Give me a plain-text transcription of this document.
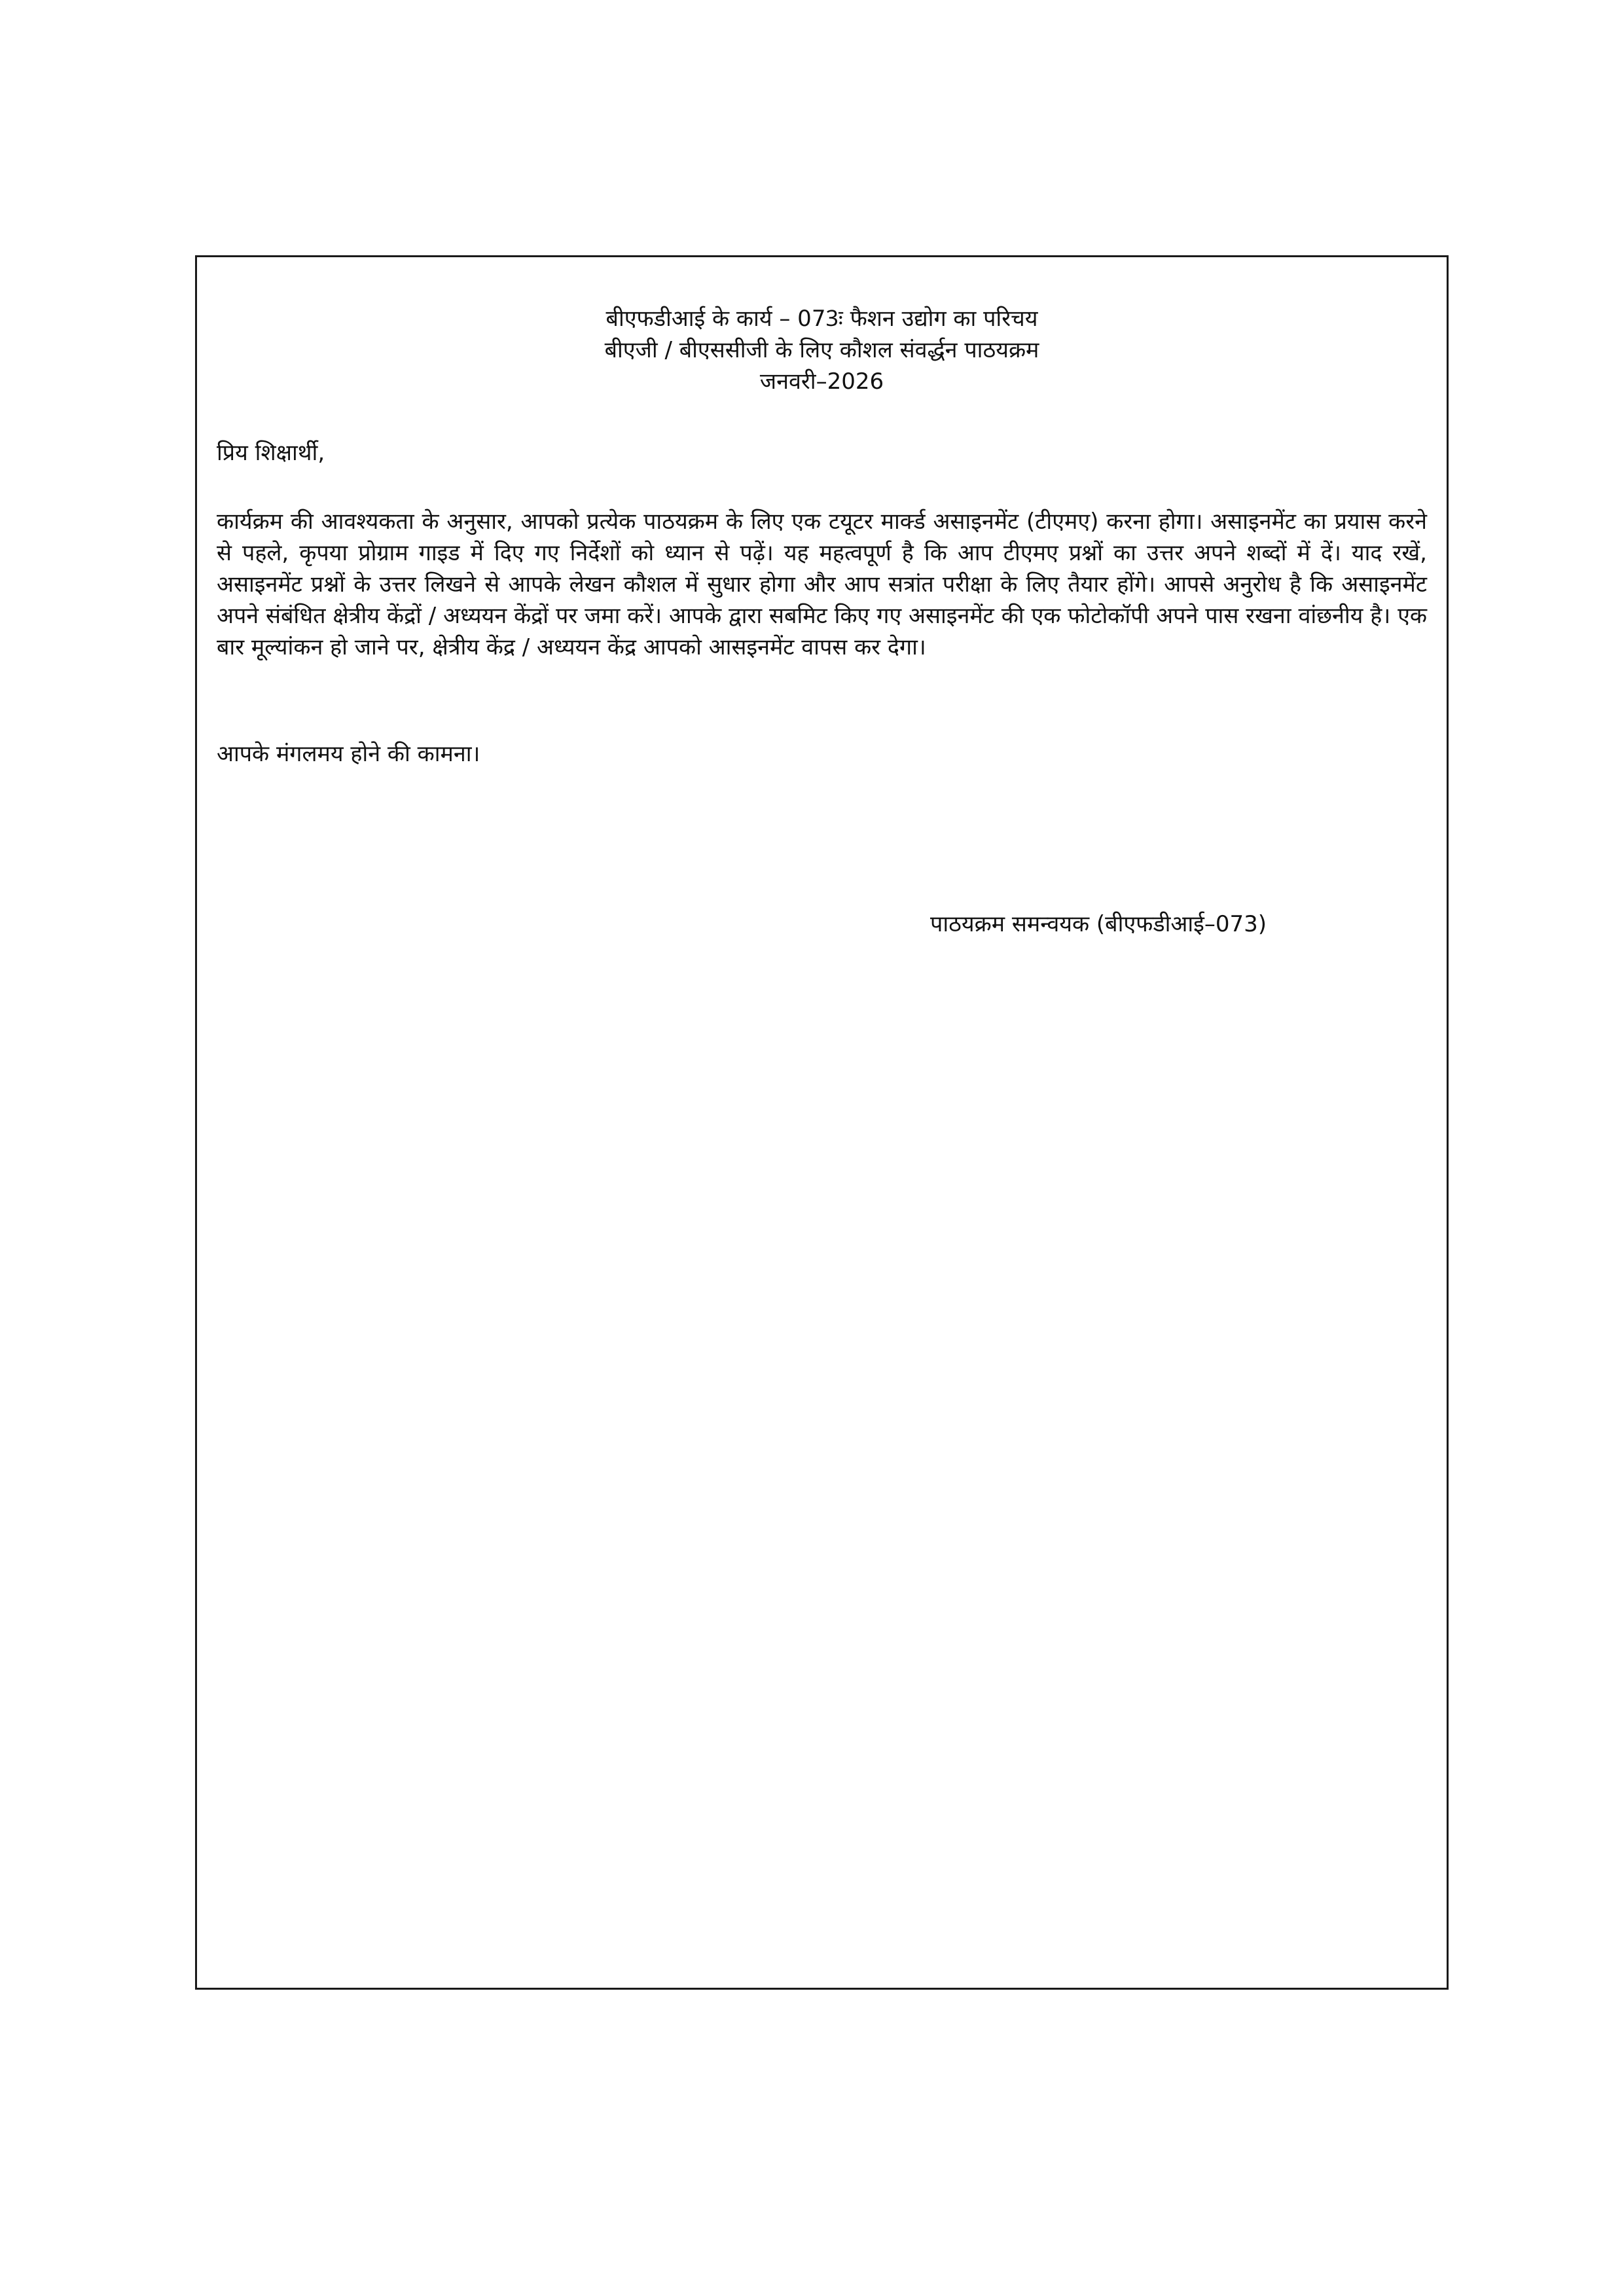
बीएफडीआई के कार्य – 073ः फैशन उद्योग का परिचय
बीएजी / बीएससीजी के लिए कौशल संवर्द्धन पाठयक्रम
जनवरी–2026
प्रिय शिक्षार्थी,

कार्यक्रम की आवश्यकता के अनुसार, आपको प्रत्येक पाठयक्रम के लिए एक टयूटर मार्क्ड असाइनमेंट (टीएमए) करना होगा। असाइनमेंट का प्रयास करने से पहले, कृपया प्रोग्राम गाइड में दिए गए निर्देशों को ध्यान से पढ़ें। यह महत्वपूर्ण है कि आप टीएमए प्रश्नों का उत्तर अपने शब्दों में दें। याद रखें, असाइनमेंट प्रश्नों के उत्तर लिखने से आपके लेखन कौशल में सुधार होगा और आप सत्रांत परीक्षा के लिए तैयार होंगे। आपसे अनुरोध है कि असाइनमेंट अपने संबंधित क्षेत्रीय केंद्रों / अध्ययन केंद्रों पर जमा करें। आपके द्वारा सबमिट किए गए असाइनमेंट की एक फोटोकॉपी अपने पास रखना वांछनीय है। एक बार मूल्यांकन हो जाने पर, क्षेत्रीय केंद्र / अध्ययन केंद्र आपको आसइनमेंट वापस कर देगा।

आपके मंगलमय होने की कामना।
पाठयक्रम समन्वयक (बीएफडीआई–073)
